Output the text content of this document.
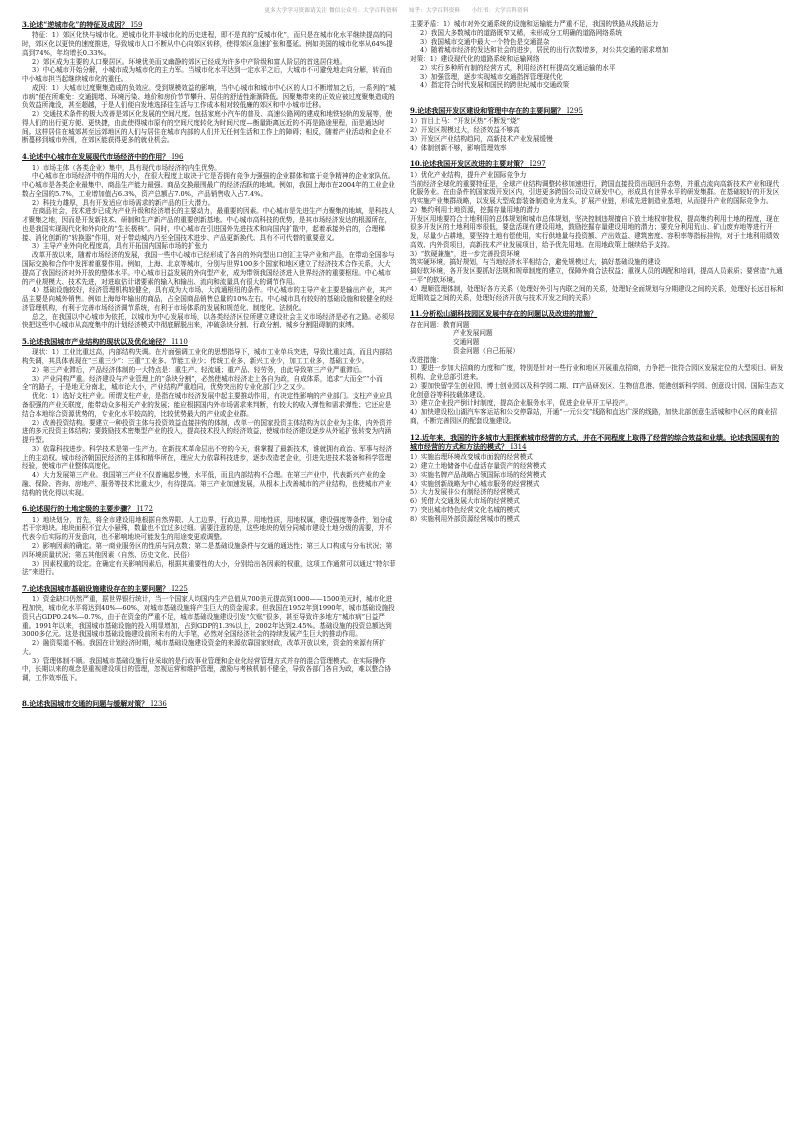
更多大学学习资源请关注 微信公众号：大学百科资料　　知乎：大学百科资料　　小红书：大学百科资料
3.论述“逆城市化”的特征及成因？ I59

特征：1）郊区化快与城市化。逆城市化并非城市化的历史进程，即不是真的“反城市化”，而只是在城市化水平继续提高的同时，郊区化以更快的速度推进，导致城市人口不断从中心向郊区转移，使得郊区急速扩张和蔓延。例如美国的城市化率从64%提高到74%，年均增长0.33%。

2）郊区成为主要的人口聚居区。环境优美而又幽静的郊区已经成为许多中产阶级和富人阶层的首选居住地。

3）中心城市开始分解，小城市成为城市化的主力军。当城市化水平达到一定水平之后，大城市不可避免地走向分解，转而由中小城市担当起继续城市化的重任。

成因：1）大城市过度聚集造成的负效应。受到规模效益的影响，当中心城市和城市中心区的人口不断增加之后，一系列的“城市病”便在所难免：交通拥堵、环境污染、地价和房价节节攀升、居住的舒适性渐渐降低。因聚集带来的正效应被过度聚集造成的负效益所淹没，甚至超越，于是人们便自发地选择往生活与工作成本相对较低廉的郊区和中小城市迁移。

2）交通技术条件的极大改善是郊区化发展的空间尺度。包括家庭小汽车的普及、高速公路网的建成和地铁轻轨的发展等，使得人们的出行更方便、更快捷，由此使得城市原有的空间尺度转化为时间尺度—衡量距离远近的不再是路途里程，而是通达时间。这样居住在城郊甚至远郊地区的人们与居住在城市内部的人们并无任何生活和工作上的障碍；相反，随着产业活动和企业不断蔓移到城市外围，在郊区能获得更多的就业机会。

4.论述中心城市在发展现代市场经济中的作用？ I96

1）市场主体（各类企业）集中，具有现代市场经济的内生优势。

中心城市在市场经济中的作用的大小，在很大程度上取决于它是否拥有竞争力强强的企业群体和富于竞争精神的企业家队伍。中心城市是各类企业最集中、商品生产能力最强、商品交换最围最广的经济活跃的地域。例如，我国上海市在2004年的工业企业数占全国的5.7%，工业增加值占6.3%，资产总额占7.0%，产品销售收入占7.4%。

2）科技力雄厚，具有开发适应市场需求的新产品的巨大潜力。

在商品社会，技术进步已成为产业升级和经济增长的主要动力，最重要的因素。中心城市是先进生产力聚集的地域，是科技人才聚集之地，因而是开发新技术、研制和生产新产品的重要创新基地。中心城市高科技的优势，是其市场经济发达的根源所在，也是我国实现现代化和外向化的“生长极核”。同时，中心城市在引进国外先进技术和向国内扩散中，起着承接外启的，合理梯接、消化创新的“转换器”作用，对于带动城内乃至全国技术进步、产品更新换代、具有不可代替的重要意义。

3）主导产业外向化程度高，具有开拓国内国际市场的扩张力

改革开放以来，随着市场经济的发展，我国一些中心城市已经形成了各自的外向型出口创汇主导产业和产品，在带动全国参与国际交换和合作中发挥着重要作用。例如，上海、北京等城市，分别与世界100多个国家和地区建立了经济技术合作关系，大大提高了我国经济对外开放的整体水平。中心城市日益发展的外向型产业，成为带领我国经济进入世界经济的重要枢纽。中心城市的产业规模大、技术先进，对进取估计诸要素的输入和输出、流向和流量具有很大的调节作用。

4）基础设施较好，经济管理机构较健全，具有成为大市场、大流通枢纽的条件。中心城市的主导产业主要是输出产业，其产品主要是向城外销售。例如上海每年输出的商品，占全国商品销售总量的10%左右。中心城市具有较好的基础设施和较健全的经济管理机构，有利于完善市场经济调节系统，有利于市场体系的发展和规范化、制度化、法制化。

总之，在我国以中心城市为依托，以城市为中心发展市场，以各类经济区位所建立建设社会主义市场经济是必有之路。必须尽快把这些中心城市从高度集中的计划经济模式中彻底解脱出来，冲破条块分割、行政分割、城乡分割阻碍制的束缚。

5.论述我国城市产业结构的现状以及优化途径？ I110

现状：1）工业比重过高，内部结构失调。在片面强调工业化的思想指导下，城市工业单兵突进，导致比重过高，而且内部结构失调，其具体表现在“三重三少”：三重“工业多、节能工业少；传统工业多，新兴工业少，加工工业多，基础工业少。

2）第三产业滞后，产品经济体制的一大特点是：重生产、轻流通；重产品、轻劳务，由此导致第三产业严重滞后。

3）产业同构严重。经济建设与产业管理上的“条块分割”，必然使城市经济走上各自为政，自成体系，追求“大而全”“小而全”的路子，于是地无分南北，城市论大小，产业结构严重趋同，优势突出的专业化部门少之又少。

优化：1）选好支柱产业。所谓支柱产业，是指在城市经济发展中起主要推动作用，有决定性影响的产业部门。支柱产业应具备很强的产业关联度，能带动众多相关产业的发展；能应根据国内外市场需求来判断，有较大的收入弹性和需求弹性；它还应是结合本地综合资源优势的，专业化水平较高的，比较优势最大的产业或企业群。

2）改善投资结构。要建立一种投资主体与投资效益直接挂钩的体制，改单一的国家投资主体结构为以企业为主体，内外资并进的多元投资主体结构；要鼓励技术密集型产业的投入，提高技术投入的经济效益，使城市经济建设逐步从外延扩张转变为内涵提升型。

3）依靠科技进步。科学技术是第一生产力，在新技术革命层出不穷的今天，谁掌握了最新技术，谁就拥有政治、军事与经济上的主动权。城市经济朝国民经济的主体和精华所在，理应大力依靠科技进步，逐步改造老企业，引进先进技术装备和科学管理经验，使城市产业整体高度化。

4）大力发展第三产业。我国第三产业不仅普遍起步慢，水平低，而且内部结构不合理。在第三产业中，代表新兴产业的金融、保险、咨询、房地产、服务等技术比重太少，有待提高。第三产业加速发展，从根本上改善城市的产业结构，也使城市产业结构的优化得以实现。

6.论述现行的土地定级的主要步骤？ J172

1）地块划分，首先，将全市建设用地根据自然界限、人工边界，行政边界，用地性质，用地权属，建设强度等条件，划分成若干宗地块。地块面积不宜大小悬殊，数量也不宜过多过细。需要注意的是，这些地块的划分同城市建设土地分级的需要，并不代表今后实际的开发意向，也不影响地块可能发生的用途变更或调整。

2）影响因素的确定。第一商业服务区的性质与同点数；第二是基础设施条件与交通的通达性；第三人口构成与分布状况；第四环境质量状况；第五其他因素（自然、历史文化、民俗）

3）因素权重的设定。在确定有关影响因素后，根据其重要性的大小，分别给出各因素的权重，这项工作通常可以通过“特尔菲法”来进行。

7.论述我国城市基础设施建设存在的主要问题？ I225

1）资金缺口仍然严重，据世界银行统计，当一个国家人均国内生产总值从700美元提高到1000——1500美元时，城市化进程加快，城市化水平将达到40%—60%，对城市基础设施将产生巨大的资金需求。但我国在1952年到1990年，城市基础设施投资只占GDP0.24%—0.7%，由于在资金的严重不足，城市基础设施建设引发“欠账”很多，甚至导致许多地方“城市病”日益严重。1991年以来，我国城市基础设施的投入明显增加，占到GDP的1.3%以上，2002年达到2.45%。基础设施的投资总额达到3000多亿元。这是我国城市基础设施建设前所未有的大手笔，必然对全国经济社会的持续发展产生巨大的推动作用。

2）融资渠道不畅。我国在计划经济时期，城市基础设施建设资金的来源依靠国家财政，改革开放以来，资金的来源有所扩大。

3）管理体制不顺。我国城市基础设施行业采取的是行政事业管理和企业化经营管理方式并存的混合管理模式。在实际操作中，长期以来的观念是重视建设项目的管理，忽视运营和维护管理，激励与考核机制不健全，导致各部门各自为政，难以整合协调，工作效率低下。

8.论述我国城市交通的问题与缓解对策？ I236

主要矛盾：1）城市对外交通系统的设施和运输能力严重不足，我国的铁路从线路运力

2）我国大多数城市的道路既窄又稀，未形成分工明确的道路网络系统

3）我国城市交通中最大一个特色是交通混杂

4）随着城市经济的发达和社会的进步，居民的出行次数增多，对公共交通的需求增加

对策：1）建设现代化的道路系统和运输网络

2）实行多种所有制的经营方式，利用经济杠杆提高交通运输的水平

3）加强管理，逐步实现城市交通指挥管理现代化

4）指定符合时代发展和国民的跨世纪城市交通政策

9.论述我国开发区建设和管理中存在的主要问题？ I295

1）盲目上马：“开发区热”不断发“烧”

2）开发区规模过大，经济效益不够高

3）开发区产业结构趋同，高新技术产业发展缓慢

4）体制创新不够，影响管理效率

10.论述我国开发区改进的主要对策？ I297

1）优化产业结构，提升产业国际竞争力

当前经济全球化的重要特征是，全球产业结构调整转移加速进行，跨国直接投资出现回升态势，并重点流向高新技术产业和现代化服务业。在由条件的国家级开发区内，引进更多跨国公司设立研发中心，形成具有世界水平的研发集群。在基础较好的开发区内实施产业集群战略，以发展大型成套装备制造业为龙头，扩展产业链，形成先进制造业基地，从而提升产业的国际竞争力。

2）集约利用土地资源，挖掘存量用地的潜力

开发区用地要符合土地利用的总体规划和城市总体规划，坚决控制违规擅自下放土地权审批权，提高集约利用土地的程度，现在很多开发区的土地利用率很低，要盘活现有建设用地，鼓励挖掘存量建设用地的潜力；要充分利用荒山、矿山废弃地等进行开发，尽量少占耕地，要坚持土地有偿使用，实行供地量与投资额、产出效益、建筑密度、容积率等指标挂钩，对于土地利用绩效高效、内外资项目，高新技术产业发展项目，给予优先用地。在用地政策上继续给予支持。

3）“软硬兼施”，进一步完善投资环境

筑实硬环境，搞好规划，与当地经济水平相结合，避免规模过大，搞好基础设施的建设

搞好软环境，各开发区要抓好法规和规章制度的建立，保障外商合法权益；重视人员的调配和培训，提高人员素质；要营造“九通一平”的软环境。

4）理顺管理体制，处理好各方关系（处理好外引与内联之间的关系，处理好全面规划与分期建设之间的关系，处理好长远目标和近期效益之间的关系，处理好经济开放与技术开发之间的关系）

11.分析松山湖科技园区发展中存在的问题以及改进的措施？

存在问题：教育问题

产业发展问题

交通问题

资金问题（自己拓展）

改进措施：

1）要进一步加大招商的力度和广度，特别是针对一些行业和地区开展重点招商，力争把一批符合园区发展定位的大型项目、研发机构、企业总部引进来。

2）要加快留学生创业园、博士创业园以及科学园二期、IT产品研发区、生物信息港、莞港创新科学园、创意设计园、国际生态文化创意谷等科技载体建设。

3）建立企业投产倒计时制度，提高企业服务水平，促进企业早开工早投产。

4）加快建设松山湖汽车客运站和公交停靠站，开通“一元公交”线路和直达广深的线路，加快北部创意生活城和中心区的商业招商，不断完善园区的配套设施建设。

12.近年来，我国的许多城市大胆探索城市经营的方式，并在不同程度上取得了经营的综合效益和业绩。论述我国现有的城市经营的方式和方法的模式？ I314

1）实施治理环境改变城市面貌的经营模式

2）建立土地储备中心盘活存量资产的经营模式

3）实施名牌产品战略占领国际市场的经营模式

4）实施创新战略为中心城市服务的经营模式

5）大力发展非公有制经济的经营模式

6）凭借大交通发展大市场的经营模式

7）突出城市特色经营文化名城的模式

8）实施利用外部资源经营城市的模式
